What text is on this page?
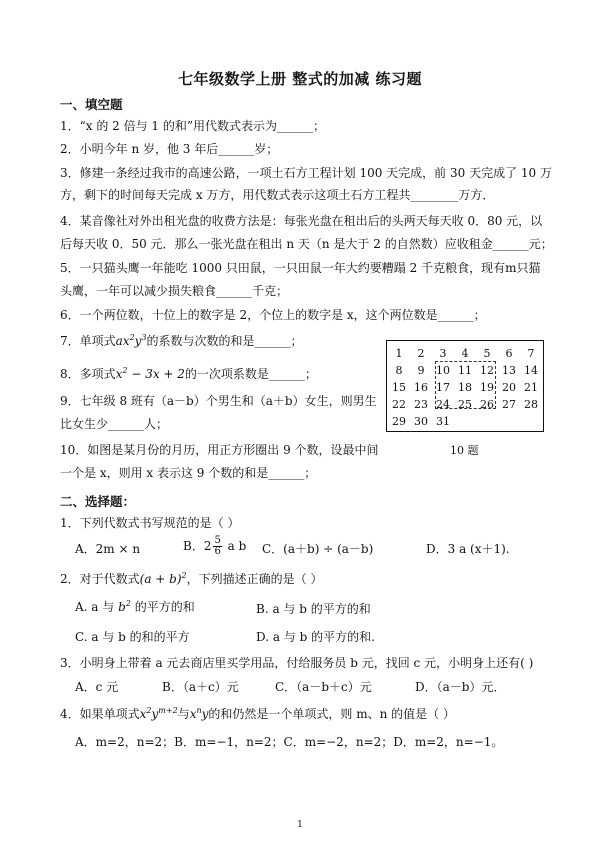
七年级数学上册 整式的加减 练习题
一、填空题
1．“x 的 2 倍与 1 的和”用代数式表示为______；
2．小明今年 n 岁，他 3 年后______岁；
3．修建一条经过我市的高速公路，一项土石方工程计划 100 天完成，前 30 天完成了 10 万
方，剩下的时间每天完成 x 万方，用代数式表示这项土石方工程共________万方．
4．某音像社对外出租光盘的收费方法是：每张光盘在租出后的头两天每天收 0．80 元，以
后每天收 0．50 元．那么一张光盘在租出 n 天（n 是大于 2 的自然数）应收租金______元；
5．一只猫头鹰一年能吃 1000 只田鼠，一只田鼠一年大约要糟蹋 2 千克粮食，现有m只猫
头鹰，一年可以减少损失粮食______千克；
6．一个两位数，十位上的数字是 2，个位上的数字是 x，这个两位数是______；
7．单项式$ax^2y^3$的系数与次数的和是______；
8．多项式$x^2 - 3x + 2$的一次项系数是______；
9．七年级 8 班有（a－b）个男生和（a＋b）女生，则男生
比女生少______人；
10．如图是某月份的月历，用正方形圈出 9 个数，设最中间
一个是 x，则用 x 表示这 9 个数的和是______；
1	2	3	4	5	6	7
8	9	10 11 12 13 14
15 16 17 18 19 20 21
22 23 24 25 26 27 28
29 30 31
10 题
二、选择题：
1．下列代数式书写规范的是（ ）
A．2m × n	B．$2 \frac{5}{6}$ a b C．(a＋b) ÷ (a－b)	D．3 a (x＋1).
2．对于代数式$(a + b)^2$，下列描述正确的是（ ）
A. a 与 $b^2$ 的平方的和	B. a 与 b 的平方的和
C. a 与 b 的和的平方	D. a 与 b 的平方的和.
3．小明身上带着 a 元去商店里买学用品，付给服务员 b 元，找回 c 元，小明身上还有( )
A．c 元	B．（a＋c）元	C．（a－b＋c）元	D．（a－b）元．
4．如果单项式$x^2y^{m+2}$与$x^ny$的和仍然是一个单项式，则 m、n 的值是（ ）
A．m=2，n=2；B．m=−1，n=2；C．m=−2，n=2；D．m=2，n=−1。
1
